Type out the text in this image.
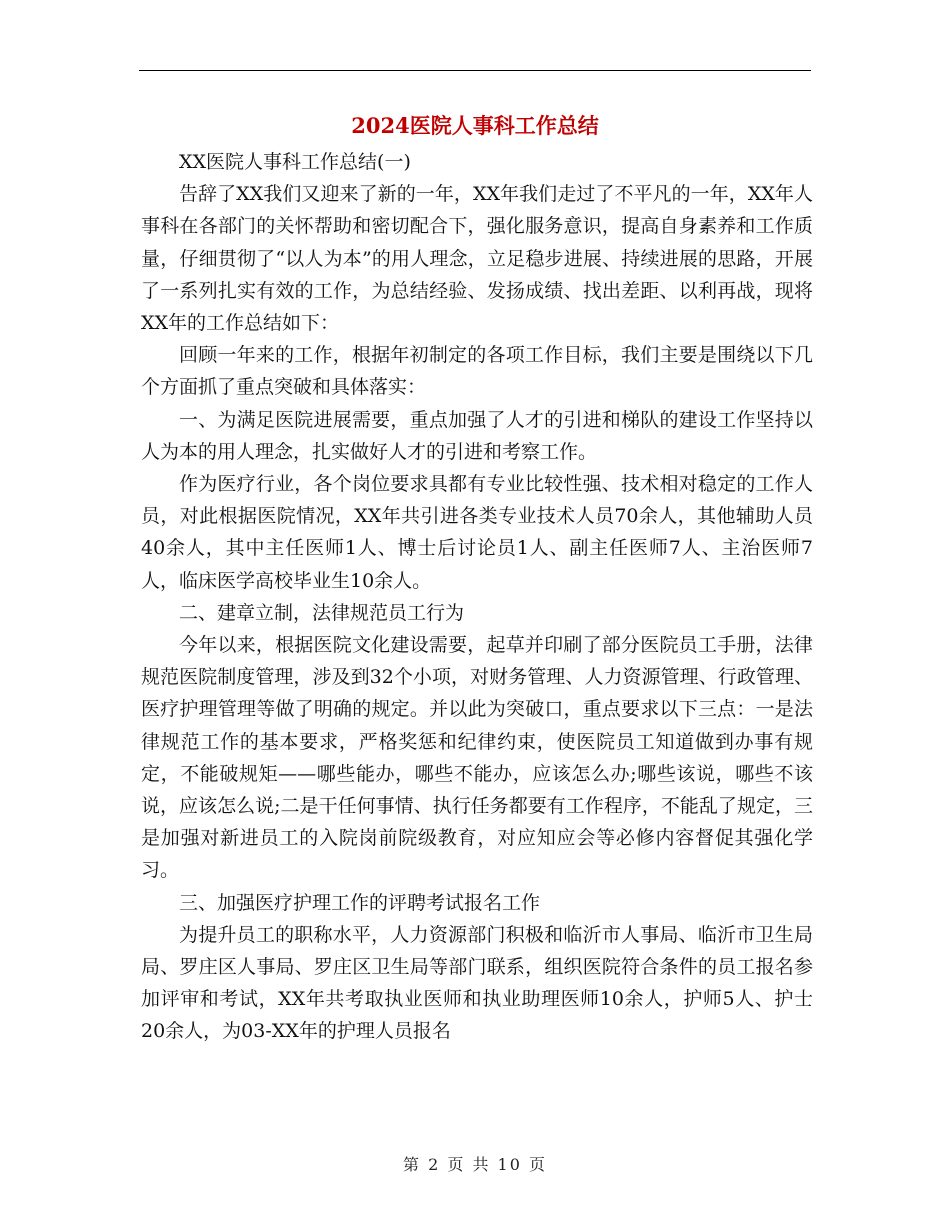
2024医院人事科工作总结

XX医院人事科工作总结(一)

告辞了XX我们又迎来了新的一年，XX年我们走过了不平凡的一年，XX年人事科在各部门的关怀帮助和密切配合下，强化服务意识，提高自身素养和工作质量，仔细贯彻了“以人为本”的用人理念，立足稳步进展、持续进展的思路，开展了一系列扎实有效的工作，为总结经验、发扬成绩、找出差距、以利再战，现将XX年的工作总结如下：

回顾一年来的工作，根据年初制定的各项工作目标，我们主要是围绕以下几个方面抓了重点突破和具体落实：

一、为满足医院进展需要，重点加强了人才的引进和梯队的建设工作坚持以人为本的用人理念，扎实做好人才的引进和考察工作。

作为医疗行业，各个岗位要求具都有专业比较性强、技术相对稳定的工作人员，对此根据医院情况，XX年共引进各类专业技术人员70余人，其他辅助人员40余人，其中主任医师1人、博士后讨论员1人、副主任医师7人、主治医师7人，临床医学高校毕业生10余人。

二、建章立制，法律规范员工行为

今年以来，根据医院文化建设需要，起草并印刷了部分医院员工手册，法律规范医院制度管理，涉及到32个小项，对财务管理、人力资源管理、行政管理、医疗护理管理等做了明确的规定。并以此为突破口，重点要求以下三点：一是法律规范工作的基本要求，严格奖惩和纪律约束，使医院员工知道做到办事有规定，不能破规矩——哪些能办，哪些不能办，应该怎么办;哪些该说，哪些不该说，应该怎么说;二是干任何事情、执行任务都要有工作程序，不能乱了规定，三是加强对新进员工的入院岗前院级教育，对应知应会等必修内容督促其强化学习。

三、加强医疗护理工作的评聘考试报名工作

为提升员工的职称水平，人力资源部门积极和临沂市人事局、临沂市卫生局局、罗庄区人事局、罗庄区卫生局等部门联系，组织医院符合条件的员工报名参加评审和考试，XX年共考取执业医师和执业助理医师10余人，护师5人、护士20余人，为03-XX年的护理人员报名

第 2 页 共 10 页
